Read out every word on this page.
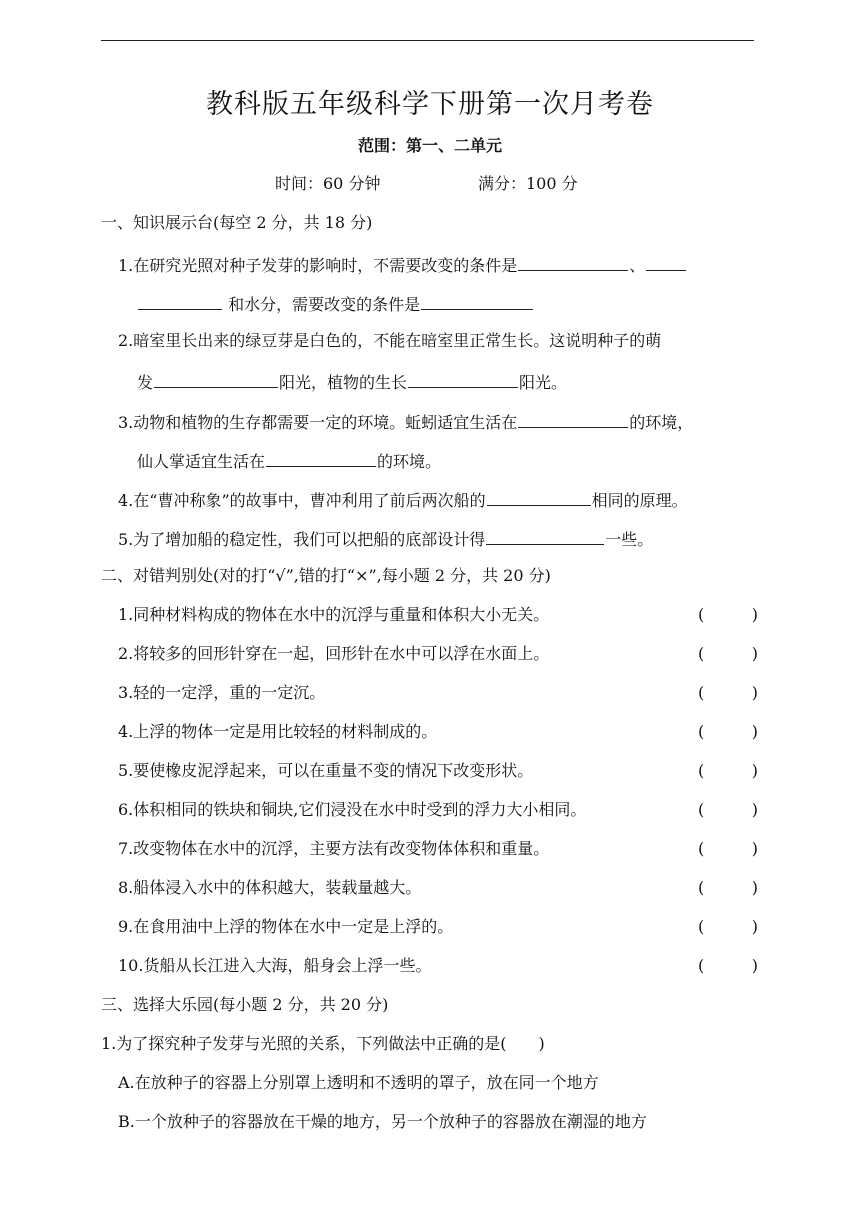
教科版五年级科学下册第一次月考卷
范围：第一、二单元
时间：60 分钟	满分：100 分
一、知识展示台(每空 2 分，共 18 分)
1.在研究光照对种子发芽的影响时，不需要改变的条件是	、
和水分，需要改变的条件是
2.暗室里长出来的绿豆芽是白色的，不能在暗室里正常生长。这说明种子的萌
发	阳光，植物的生长	阳光。
3.动物和植物的生存都需要一定的环境。蚯蚓适宜生活在	的环境，
仙人掌适宜生活在	的环境。
4.在“曹冲称象”的故事中，曹冲利用了前后两次船的	相同的原理。
5.为了增加船的稳定性，我们可以把船的底部设计得	一些。
二、对错判别处(对的打“√”,错的打“×”,每小题 2 分，共 20 分)
1.同种材料构成的物体在水中的沉浮与重量和体积大小无关。	(	)
2.将较多的回形针穿在一起，回形针在水中可以浮在水面上。	(	)
3.轻的一定浮，重的一定沉。	(	)
4.上浮的物体一定是用比较轻的材料制成的。	(	)
5.要使橡皮泥浮起来，可以在重量不变的情况下改变形状。	(	)
6.体积相同的铁块和铜块,它们浸没在水中时受到的浮力大小相同。	(	)
7.改变物体在水中的沉浮，主要方法有改变物体体积和重量。	(	)
8.船体浸入水中的体积越大，装载量越大。	(	)
9.在食用油中上浮的物体在水中一定是上浮的。	(	)
10.货船从长江进入大海，船身会上浮一些。	(	)
三、选择大乐园(每小题 2 分，共 20 分)
1.为了探究种子发芽与光照的关系，下列做法中正确的是(　　)
A.在放种子的容器上分别罩上透明和不透明的罩子，放在同一个地方
B.一个放种子的容器放在干燥的地方，另一个放种子的容器放在潮湿的地方
